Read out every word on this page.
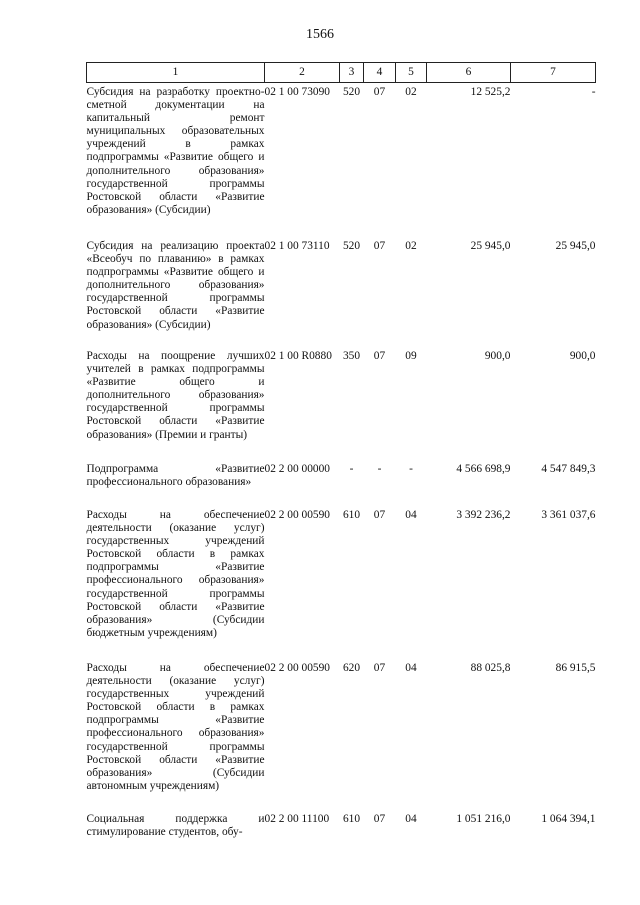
1566
1	2	3	4	5	6	7
Субсидия на разработку проектно-сметной документации на капитальный ремонт муниципальных образовательных учреждений в рамках подпрограммы «Развитие общего и дополнительного образования» государственной программы Ростовской области «Развитие образования» (Субсидии)	02 1 00 73090	520	07	02	12 525,2	-
Субсидия на реализацию проекта «Всеобуч по плаванию» в рамках подпрограммы «Развитие общего и дополнительного образования» государственной программы Ростовской области «Развитие образования» (Субсидии)	02 1 00 73110	520	07	02	25 945,0	25 945,0
Расходы на поощрение лучших учителей в рамках подпрограммы «Развитие общего и дополнительного образования» государственной программы Ростовской области «Развитие образования» (Премии и гранты)	02 1 00 R0880	350	07	09	900,0	900,0
Подпрограмма «Развитие профессионального образования»	02 2 00 00000	-	-	-	4 566 698,9	4 547 849,3
Расходы на обеспечение деятельности (оказание услуг) государственных учреждений Ростовской области в рамках подпрограммы «Развитие профессионального образования» государственной программы Ростовской области «Развитие образования» (Субсидии бюджетным учреждениям)	02 2 00 00590	610	07	04	3 392 236,2	3 361 037,6
Расходы на обеспечение деятельности (оказание услуг) государственных учреждений Ростовской области в рамках подпрограммы «Развитие профессионального образования» государственной программы Ростовской области «Развитие образования» (Субсидии автономным учреждениям)	02 2 00 00590	620	07	04	88 025,8	86 915,5
Социальная поддержка и стимулирование студентов, обу-	02 2 00 11100	610	07	04	1 051 216,0	1 064 394,1
